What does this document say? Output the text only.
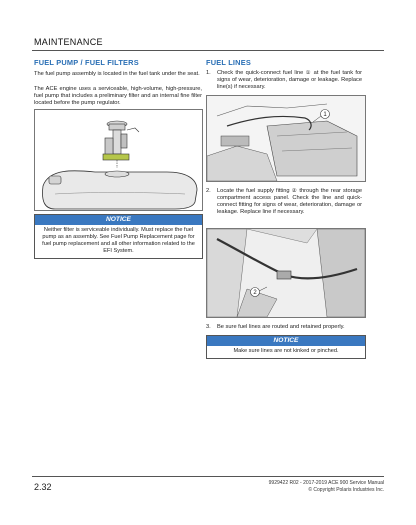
MAINTENANCE
FUEL PUMP / FUEL FILTERS
The fuel pump assembly is located in the fuel tank under the seat.
The ACE engine uses a serviceable, high-volume, high-pressure, fuel pump that includes a preliminary filter and an internal fine filter located before the pump regulator.
NOTICE
Neither filter is serviceable individually. Must replace the fuel pump as an assembly. See Fuel Pump Replacement page for fuel pump replacement and all other information related to the EFI System.
FUEL LINES
1.	Check the quick-connect fuel line ① at the fuel tank for signs of wear, deterioration, damage or leakage. Replace line(s) if necessary.
1
2.	Locate the fuel supply fitting ② through the rear storage compartment access panel. Check the line and quick-connect fitting for signs of wear, deterioration, damage or leakage. Replace line if necessary.
2
3.	Be sure fuel lines are routed and retained properly.
NOTICE
Make sure lines are not kinked or pinched.
2.32	9929422 R02 - 2017-2019 ACE 900 Service Manual
© Copyright Polaris Industries Inc.
